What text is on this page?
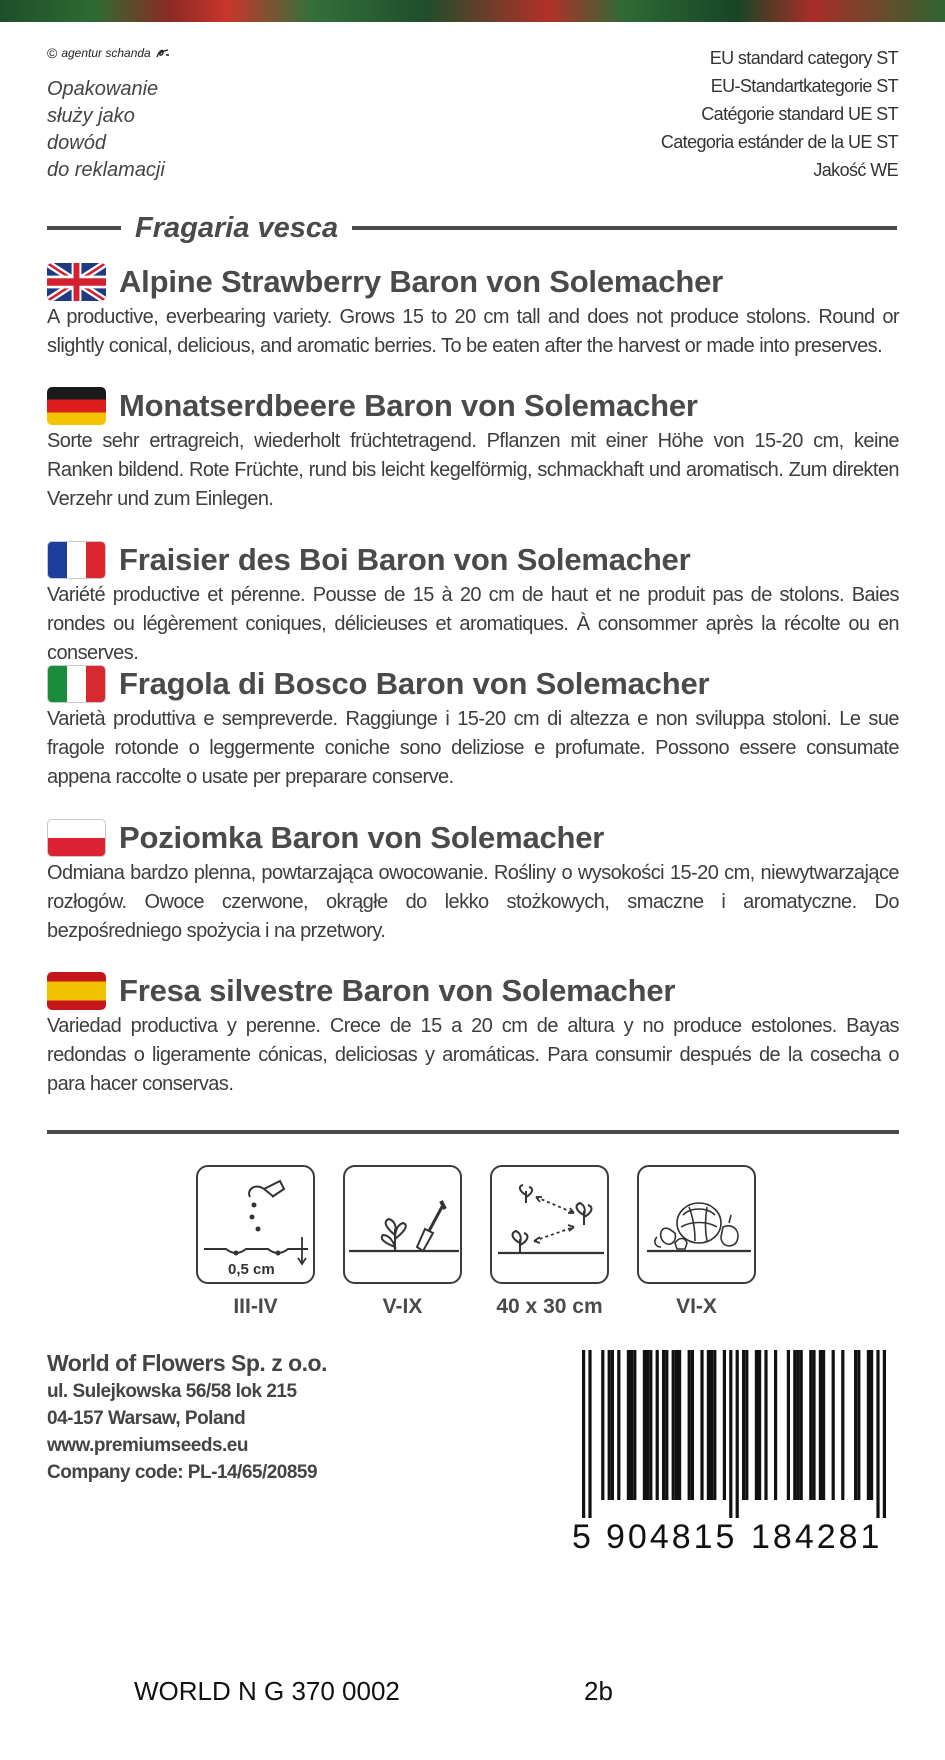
© agentur schanda
Opakowanie
służy jako
dowód
do reklamacji
EU standard category ST
EU-Standartkategorie ST
Catégorie standard UE ST
Categoria estánder de la UE ST
Jakość WE
Fragaria vesca
Alpine Strawberry Baron von Solemacher
A productive, everbearing variety. Grows 15 to 20 cm tall and does not produce stolons. Round or slightly conical, delicious, and aromatic berries. To be eaten after the harvest or made into preserves.
Monatserdbeere Baron von Solemacher
Sorte sehr ertragreich, wiederholt früchtetragend. Pflanzen mit einer Höhe von 15-20 cm, keine Ranken bildend. Rote Früchte, rund bis leicht kegelförmig, schmackhaft und aromatisch. Zum direkten Verzehr und zum Einlegen.
Fraisier des Boi Baron von Solemacher
Variété productive et pérenne. Pousse de 15 à 20 cm de haut et ne produit pas de stolons. Baies rondes ou légèrement coniques, délicieuses et aromatiques. À consommer après la récolte ou en conserves.
Fragola di Bosco Baron von Solemacher
Varietà produttiva e sempreverde. Raggiunge i 15-20 cm di altezza e non sviluppa stoloni. Le sue fragole rotonde o leggermente coniche sono deliziose e profumate. Possono essere consumate appena raccolte o usate per preparare conserve.
Poziomka Baron von Solemacher
Odmiana bardzo plenna, powtarzająca owocowanie. Rośliny o wysokości 15-20 cm, niewytwarzające rozłogów. Owoce czerwone, okrągłe do lekko stożkowych, smaczne i aromatyczne. Do bezpośredniego spożycia i na przetwory.
Fresa silvestre Baron von Solemacher
Variedad productiva y perenne. Crece de 15 a 20 cm de altura y no produce estolones. Bayas redondas o ligeramente cónicas, deliciosas y aromáticas. Para consumir después de la cosecha o para hacer conservas.
0,5 cm
III-IV	V-IX	40 x 30 cm	VI-X
World of Flowers Sp. z o.o.
ul. Sulejkowska 56/58 lok 215
04-157 Warsaw, Poland
www.premiumseeds.eu
Company code: PL-14/65/20859
5 904815 184281
WORLD N G 370 0002	2b
